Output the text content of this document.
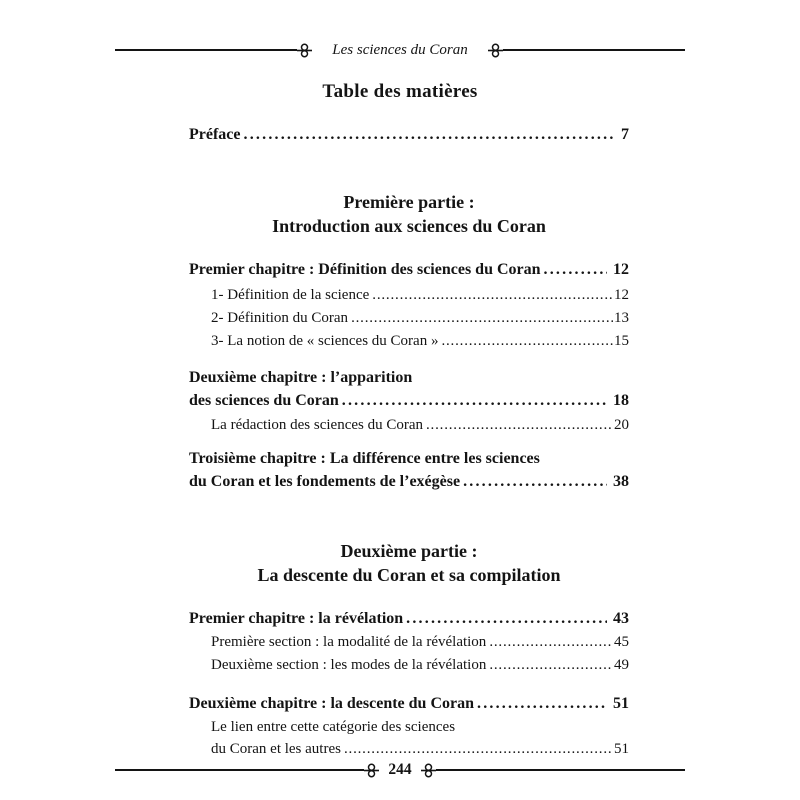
Les sciences du Coran
Table des matières
Préface .....	7
Première partie :
Introduction aux sciences du Coran
Premier chapitre : Définition des sciences du Coran .....	12
1- Définition de la science .....	12
2- Définition du Coran .....	13
3- La notion de « sciences du Coran » .....	15
Deuxième chapitre : l’apparition
des sciences du Coran .....	18
La rédaction des sciences du Coran .....	20
Troisième chapitre : La différence entre les sciences
du Coran et les fondements de l’exégèse .....	38
Deuxième partie :
La descente du Coran et sa compilation
Premier chapitre : la révélation .....	43
Première section : la modalité de la révélation .....	45
Deuxième section : les modes de la révélation .....	49
Deuxième chapitre : la descente du Coran .....	51
Le lien entre cette catégorie des sciences
du Coran et les autres .....	51
244
